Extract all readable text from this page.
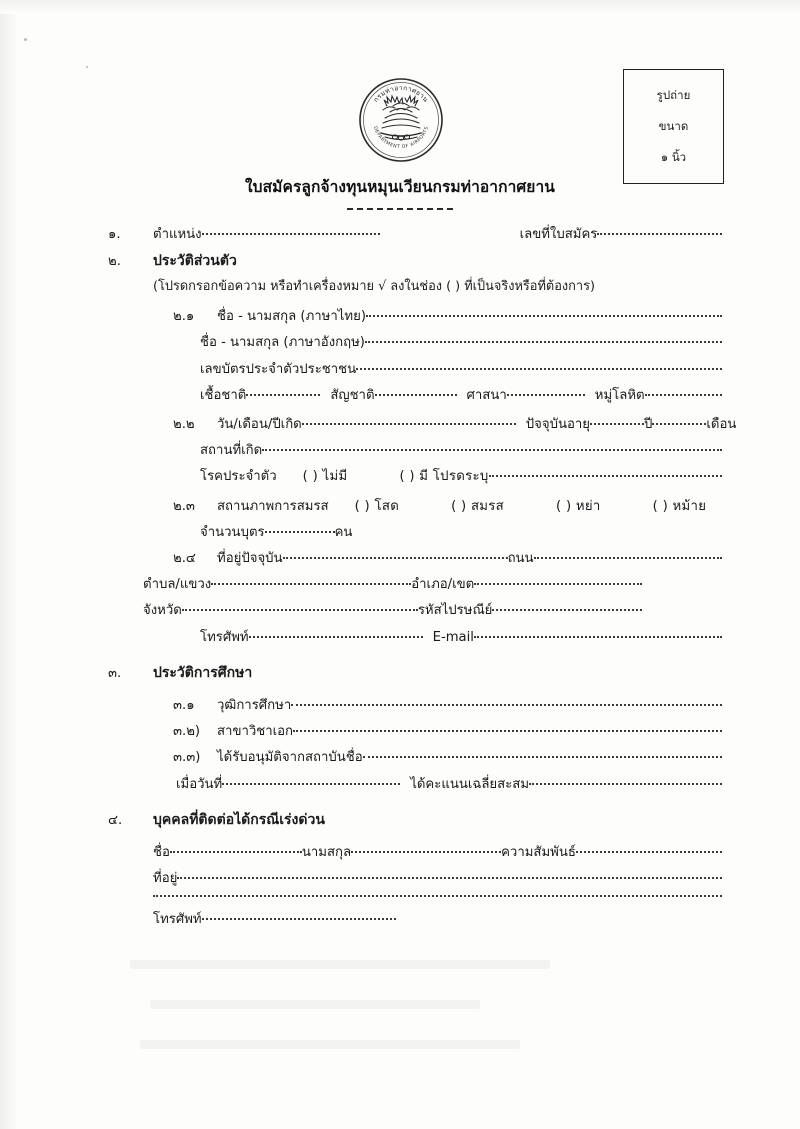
กรมท่าอากาศยาน
DEPARTMENT OF AIRPORTS
ใบสมัครลูกจ้างทุนหมุนเวียนกรมท่าอากาศยาน
รูปถ่าย
ขนาด
๑ นิ้ว
๑.	ตำแหน่ง	เลขที่ใบสมัคร
๒.	ประวัติส่วนตัว
(โปรดกรอกข้อความ หรือทำเครื่องหมาย √ ลงในช่อง ( ) ที่เป็นจริงหรือที่ต้องการ)
๒.๑	ชื่อ - นามสกุล (ภาษาไทย)
ชื่อ - นามสกุล (ภาษาอังกฤษ)
เลขบัตรประจำตัวประชาชน
เชื้อชาติ	สัญชาติ	ศาสนา	หมู่โลหิต
๒.๒	วัน/เดือน/ปีเกิด	ปัจจุบันอายุ	ปี	เดือน
สถานที่เกิด
โรคประจำตัว ( ) ไม่มี	( ) มี โปรดระบุ
๒.๓	สถานภาพการสมรส ( ) โสด	( ) สมรส	( ) หย่า	( ) หม้าย
จำนวนบุตร	คน
๒.๔	ที่อยู่ปัจจุบัน	ถนน
ตำบล/แขวง	อำเภอ/เขต
จังหวัด	รหัสไปรษณีย์
โทรศัพท์	E-mail
๓.	ประวัติการศึกษา
๓.๑	วุฒิการศึกษา
๓.๒)	สาขาวิชาเอก
๓.๓)	ได้รับอนุมัติจากสถาบันชื่อ
เมื่อวันที่	ได้คะแนนเฉลี่ยสะสม
๔.	บุคคลที่ติดต่อได้กรณีเร่งด่วน
ชื่อ	นามสกุล	ความสัมพันธ์
ที่อยู่
โทรศัพท์
